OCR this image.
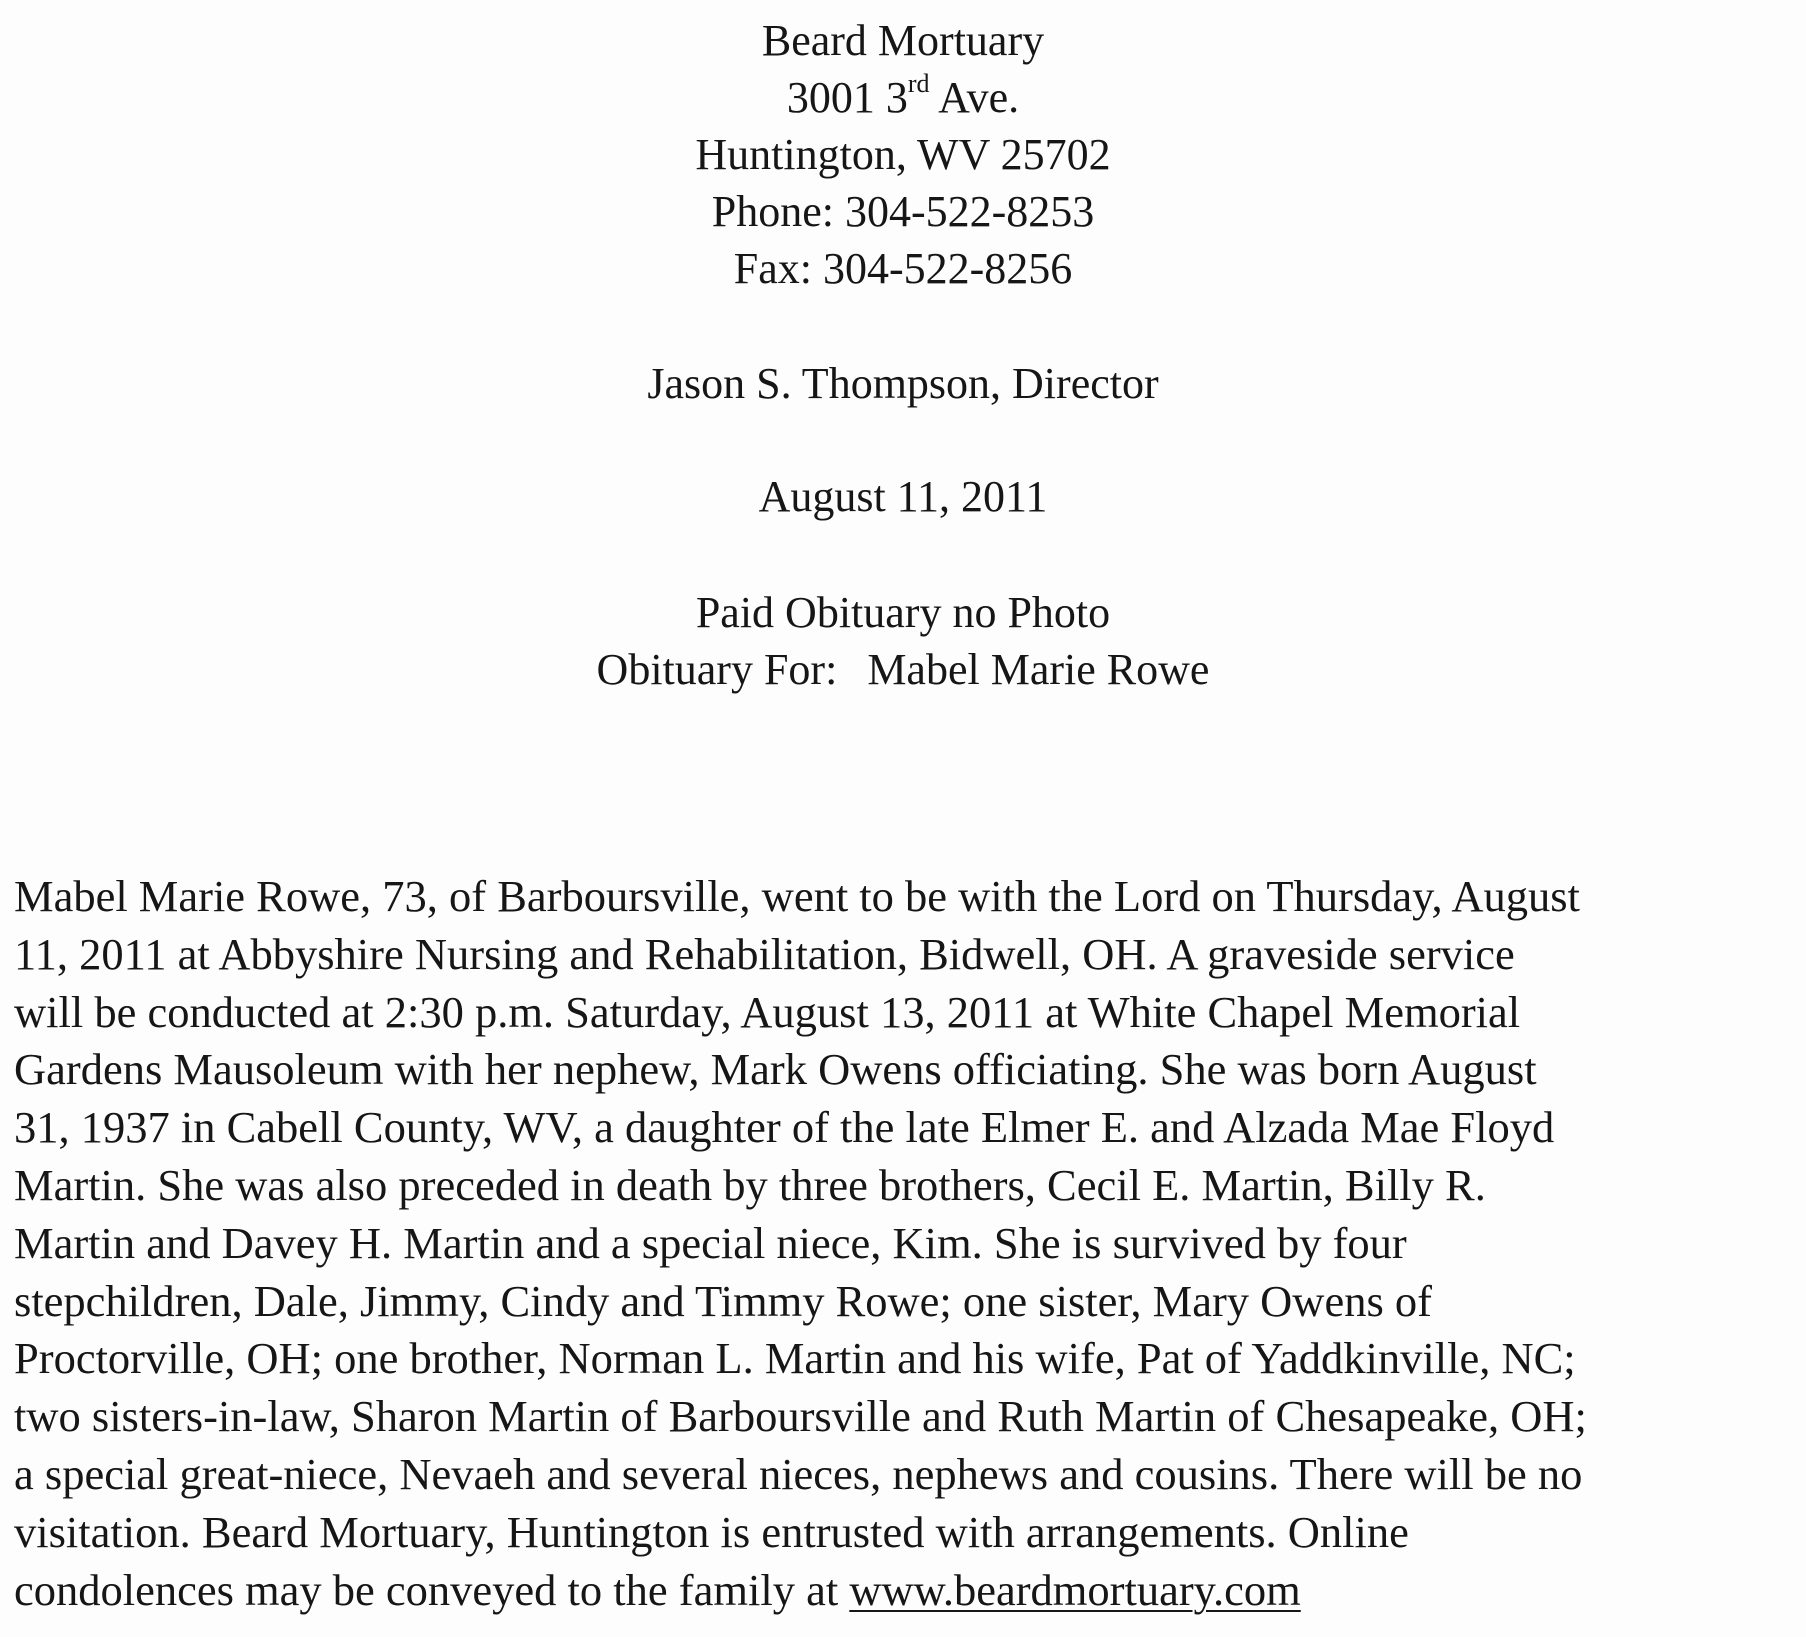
Beard Mortuary
3001 3rd Ave.
Huntington, WV 25702
Phone: 304-522-8253
Fax: 304-522-8256
Jason S. Thompson, Director
August 11, 2011
Paid Obituary no Photo
Obituary For: Mabel Marie Rowe
Mabel Marie Rowe, 73, of Barboursville, went to be with the Lord on Thursday, August
11, 2011 at Abbyshire Nursing and Rehabilitation, Bidwell, OH. A graveside service
will be conducted at 2:30 p.m. Saturday, August 13, 2011 at White Chapel Memorial
Gardens Mausoleum with her nephew, Mark Owens officiating. She was born August
31, 1937 in Cabell County, WV, a daughter of the late Elmer E. and Alzada Mae Floyd
Martin. She was also preceded in death by three brothers, Cecil E. Martin, Billy R.
Martin and Davey H. Martin and a special niece, Kim. She is survived by four
stepchildren, Dale, Jimmy, Cindy and Timmy Rowe; one sister, Mary Owens of
Proctorville, OH; one brother, Norman L. Martin and his wife, Pat of Yaddkinville, NC;
two sisters-in-law, Sharon Martin of Barboursville and Ruth Martin of Chesapeake, OH;
a special great-niece, Nevaeh and several nieces, nephews and cousins. There will be no
visitation. Beard Mortuary, Huntington is entrusted with arrangements. Online
condolences may be conveyed to the family at www.beardmortuary.com
